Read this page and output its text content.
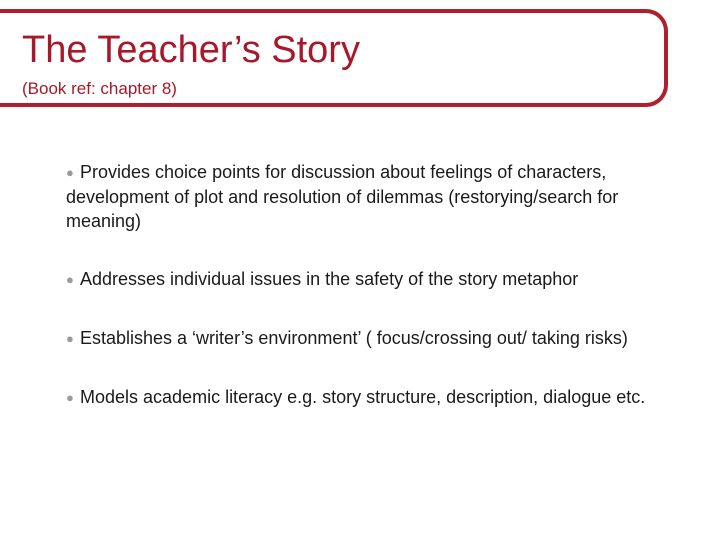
The Teacher’s Story

(Book ref: chapter 8)

● Provides choice points for discussion about feelings of characters, development of plot and resolution of dilemmas (restorying/search for meaning)
● Addresses individual issues in the safety of the story metaphor
● Establishes a ‘writer’s environment’ ( focus/crossing out/ taking risks)
● Models academic literacy e.g. story structure, description, dialogue etc.
